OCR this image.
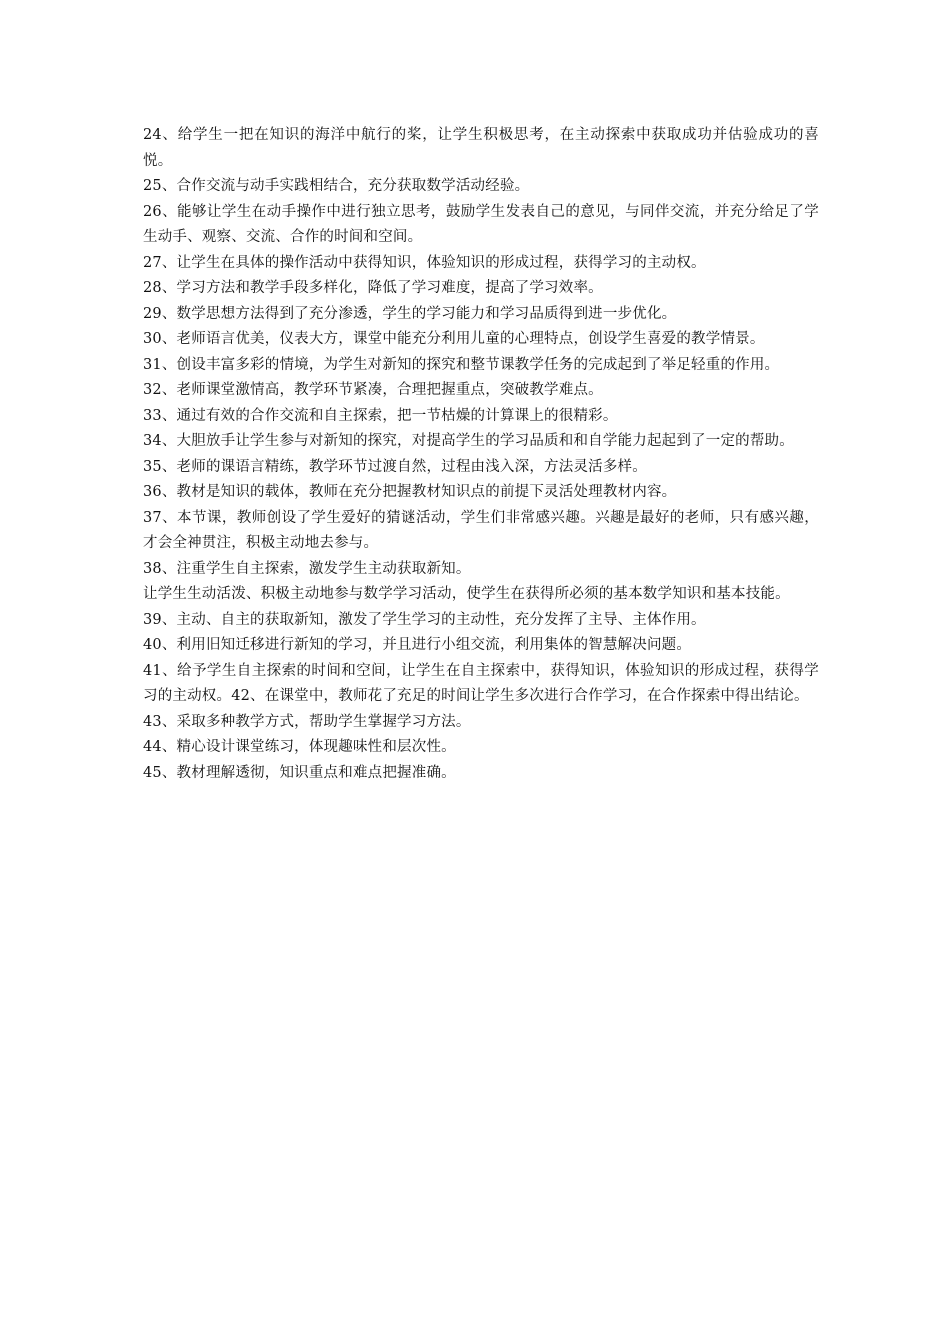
24、给学生一把在知识的海洋中航行的桨，让学生积极思考，在主动探索中获取成功并估验成功的喜悦。

25、合作交流与动手实践相结合，充分获取数学活动经验。

26、能够让学生在动手操作中进行独立思考，鼓励学生发表自己的意见，与同伴交流，并充分给足了学生动手、观察、交流、合作的时间和空间。

27、让学生在具体的操作活动中获得知识，体验知识的形成过程，获得学习的主动权。

28、学习方法和教学手段多样化，降低了学习难度，提高了学习效率。

29、数学思想方法得到了充分渗透，学生的学习能力和学习品质得到进一步优化。

30、老师语言优美，仪表大方，课堂中能充分利用儿童的心理特点，创设学生喜爱的教学情景。

31、创设丰富多彩的情境，为学生对新知的探究和整节课教学任务的完成起到了举足轻重的作用。

32、老师课堂激情高，教学环节紧凑，合理把握重点，突破教学难点。

33、通过有效的合作交流和自主探索，把一节枯燥的计算课上的很精彩。

34、大胆放手让学生参与对新知的探究，对提高学生的学习品质和和自学能力起起到了一定的帮助。

35、老师的课语言精练，教学环节过渡自然，过程由浅入深，方法灵活多样。

36、教材是知识的载体，教师在充分把握教材知识点的前提下灵活处理教材内容。

37、本节课，教师创设了学生爱好的猜谜活动，学生们非常感兴趣。兴趣是最好的老师，只有感兴趣，才会全神贯注，积极主动地去参与。

38、注重学生自主探索，激发学生主动获取新知。

让学生生动活泼、积极主动地参与数学学习活动，使学生在获得所必须的基本数学知识和基本技能。

39、主动、自主的获取新知，激发了学生学习的主动性，充分发挥了主导、主体作用。

40、利用旧知迁移进行新知的学习，并且进行小组交流，利用集体的智慧解决问题。

41、给予学生自主探索的时间和空间，让学生在自主探索中，获得知识，体验知识的形成过程，获得学习的主动权。42、在课堂中，教师花了充足的时间让学生多次进行合作学习，在合作探索中得出结论。

43、采取多种教学方式，帮助学生掌握学习方法。

44、精心设计课堂练习，体现趣味性和层次性。

45、教材理解透彻，知识重点和难点把握准确。
